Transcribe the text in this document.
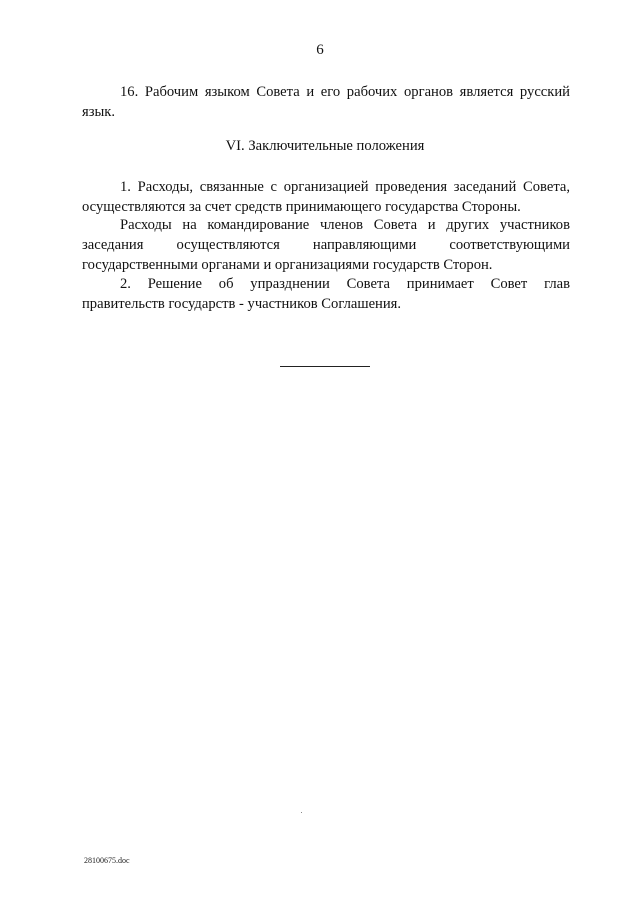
6

16. Рабочим языком Совета и его рабочих органов является русский
язык.

VI. Заключительные положения

1. Расходы, связанные с организацией проведения заседаний Совета,
осуществляются за счет средств принимающего государства Стороны.

Расходы на командирование членов Совета и других участников
заседания осуществляются направляющими соответствующими
государственными органами и организациями государств Сторон.

2. Решение об упразднении Совета принимает Совет глав
правительств государств - участников Соглашения.

28100675.doc
